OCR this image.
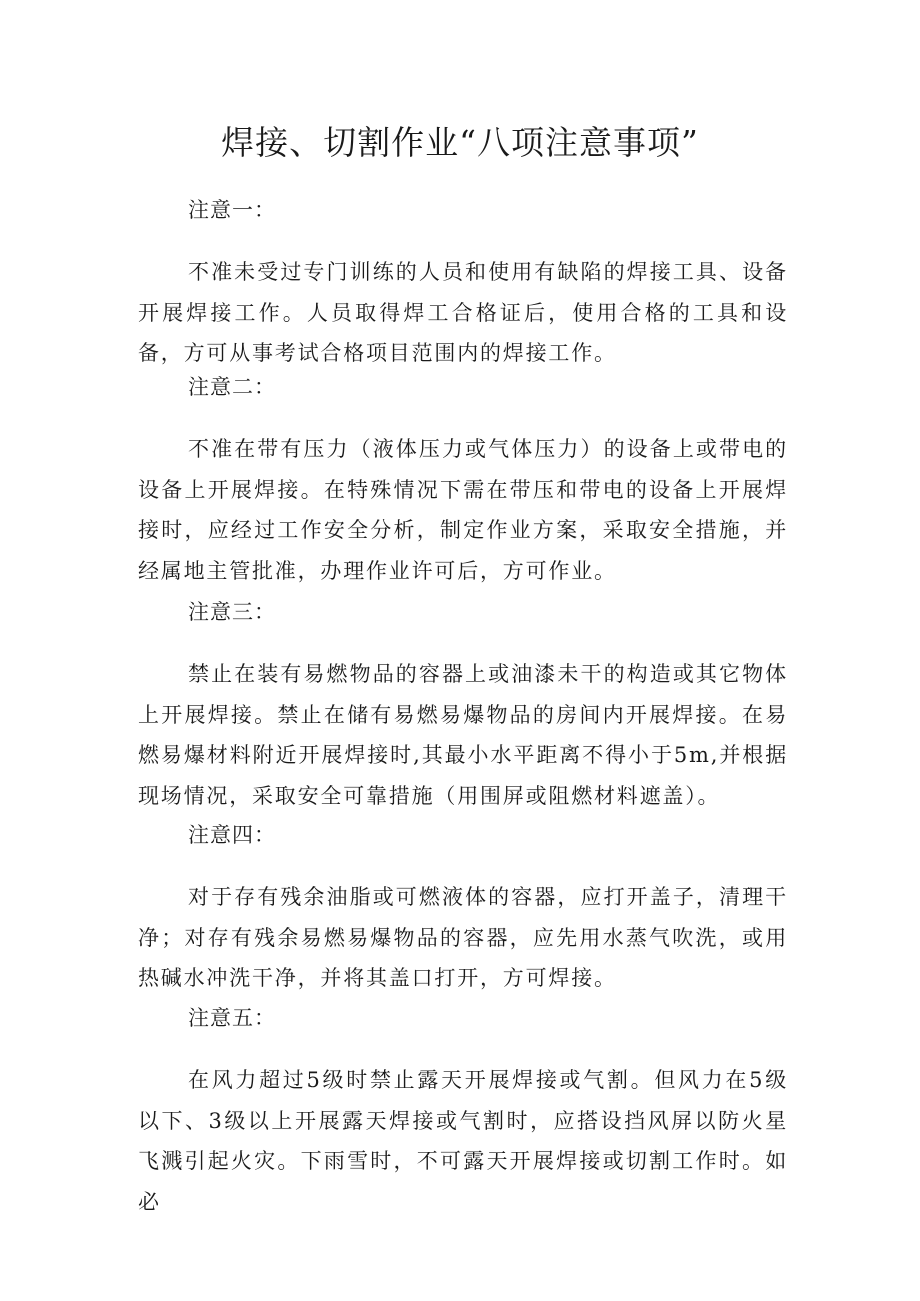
焊接、切割作业“八项注意事项”
注意一：
不准未受过专门训练的人员和使用有缺陷的焊接工具、设备开展焊接工作。人员取得焊工合格证后，使用合格的工具和设备，方可从事考试合格项目范围内的焊接工作。
注意二：
不准在带有压力（液体压力或气体压力）的设备上或带电的设备上开展焊接。在特殊情况下需在带压和带电的设备上开展焊接时，应经过工作安全分析，制定作业方案，采取安全措施，并经属地主管批准，办理作业许可后，方可作业。
注意三：
禁止在装有易燃物品的容器上或油漆未干的构造或其它物体上开展焊接。禁止在储有易燃易爆物品的房间内开展焊接。在易燃易爆材料附近开展焊接时,其最小水平距离不得小于5m,并根据现场情况，采取安全可靠措施（用围屏或阻燃材料遮盖）。
注意四：
对于存有残余油脂或可燃液体的容器，应打开盖子，清理干净；对存有残余易燃易爆物品的容器，应先用水蒸气吹洗，或用热碱水冲洗干净，并将其盖口打开，方可焊接。
注意五：
在风力超过5级时禁止露天开展焊接或气割。但风力在5级以下、3级以上开展露天焊接或气割时，应搭设挡风屏以防火星飞溅引起火灾。下雨雪时，不可露天开展焊接或切割工作时。如必
